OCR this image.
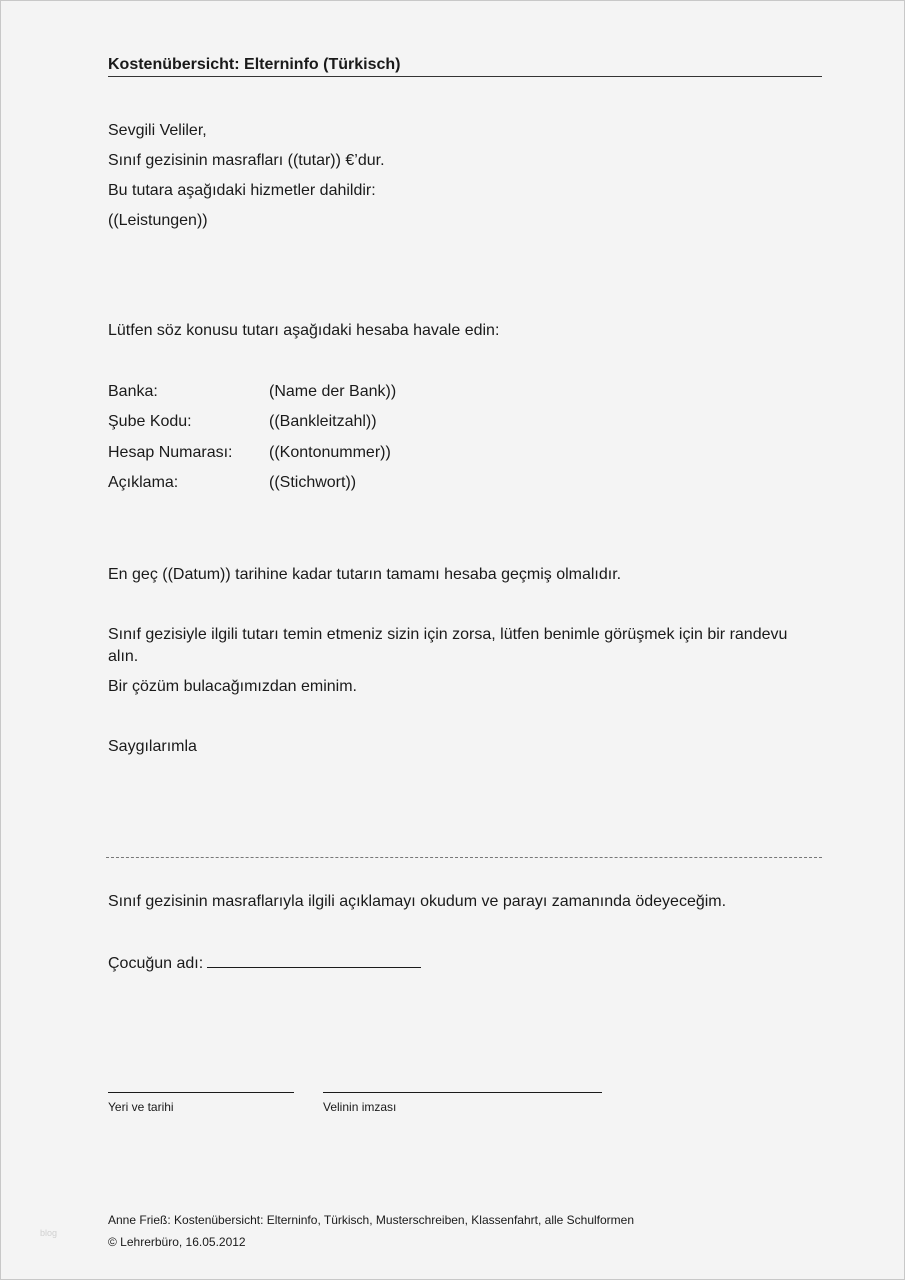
Kostenübersicht: Elterninfo (Türkisch)
Sevgili Veliler,
Sınıf gezisinin masrafları ((tutar)) €’dur.
Bu tutara aşağıdaki hizmetler dahildir:
((Leistungen))
Lütfen söz konusu tutarı aşağıdaki hesaba havale edin:
Banka:	(Name der Bank))
Şube Kodu:	((Bankleitzahl))
Hesap Numarası: ((Kontonummer))
Açıklama:	((Stichwort))
En geç ((Datum)) tarihine kadar tutarın tamamı hesaba geçmiş olmalıdır.
Sınıf gezisiyle ilgili tutarı temin etmeniz sizin için zorsa, lütfen benimle görüşmek için bir randevu alın.
Bir çözüm bulacağımızdan eminim.
Saygılarımla
Sınıf gezisinin masraflarıyla ilgili açıklamayı okudum ve parayı zamanında ödeyeceğim.
Çocuğun adı:
Yeri ve tarihi	Velinin imzası
Anne Frieß: Kostenübersicht: Elterninfo, Türkisch, Musterschreiben, Klassenfahrt, alle Schulformen
© Lehrerbüro, 16.05.2012
blog
